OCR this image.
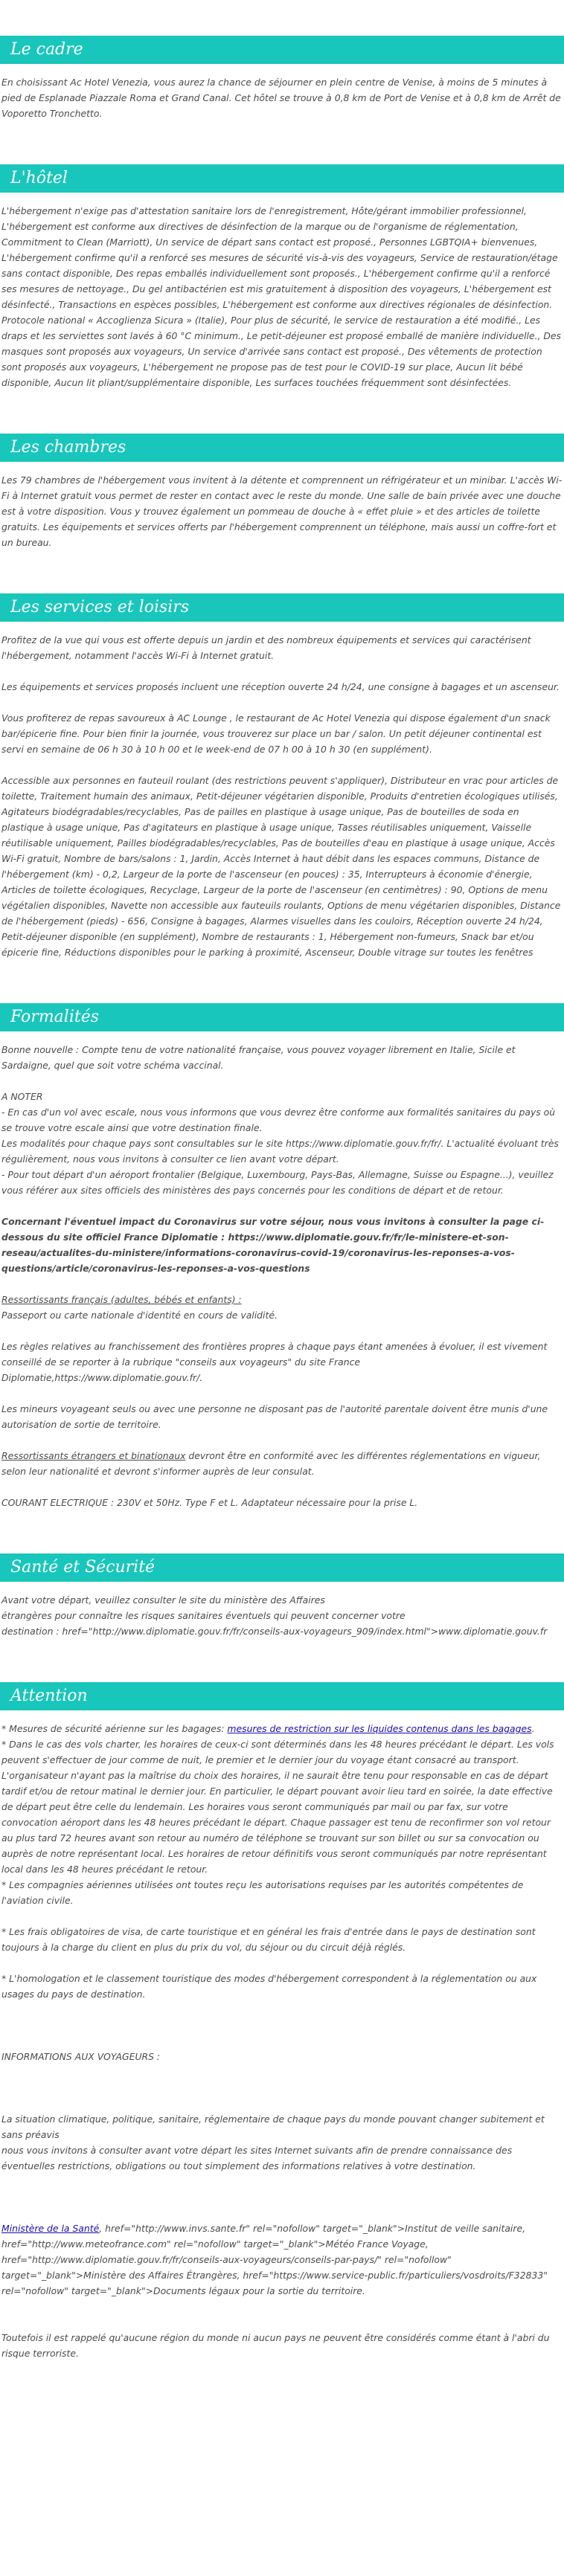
Le cadre

En choisissant Ac Hotel Venezia, vous aurez la chance de séjourner en plein centre de Venise, à moins de 5 minutes à pied de Esplanade Piazzale Roma et Grand Canal. Cet hôtel se trouve à 0,8 km de Port de Venise et à 0,8 km de Arrêt de Voporetto Tronchetto.

L'hôtel

L'hébergement n'exige pas d'attestation sanitaire lors de l'enregistrement, Hôte/gérant immobilier professionnel, L'hébergement est conforme aux directives de désinfection de la marque ou de l'organisme de réglementation, Commitment to Clean (Marriott), Un service de départ sans contact est proposé., Personnes LGBTQIA+ bienvenues, L'hébergement confirme qu'il a renforcé ses mesures de sécurité vis-à-vis des voyageurs, Service de restauration/étage sans contact disponible, Des repas emballés individuellement sont proposés., L'hébergement confirme qu'il a renforcé ses mesures de nettoyage., Du gel antibactérien est mis gratuitement à disposition des voyageurs, L'hébergement est désinfecté., Transactions en espèces possibles, L'hébergement est conforme aux directives régionales de désinfection. Protocole national « Accoglienza Sicura » (Italie), Pour plus de sécurité, le service de restauration a été modifié., Les draps et les serviettes sont lavés à 60 °C minimum., Le petit-déjeuner est proposé emballé de manière individuelle., Des masques sont proposés aux voyageurs, Un service d'arrivée sans contact est proposé., Des vêtements de protection sont proposés aux voyageurs, L'hébergement ne propose pas de test pour le COVID-19 sur place, Aucun lit bébé disponible, Aucun lit pliant/supplémentaire disponible, Les surfaces touchées fréquemment sont désinfectées.

Les chambres

Les 79 chambres de l'hébergement vous invitent à la détente et comprennent un réfrigérateur et un minibar. L'accès Wi-Fi à Internet gratuit vous permet de rester en contact avec le reste du monde. Une salle de bain privée avec une douche est à votre disposition. Vous y trouvez également un pommeau de douche à « effet pluie » et des articles de toilette gratuits. Les équipements et services offerts par l'hébergement comprennent un téléphone, mais aussi un coffre-fort et un bureau.

Les services et loisirs

Profitez de la vue qui vous est offerte depuis un jardin et des nombreux équipements et services qui caractérisent l'hébergement, notamment l'accès Wi-Fi à Internet gratuit.

Les équipements et services proposés incluent une réception ouverte 24 h/24, une consigne à bagages et un ascenseur.

Vous profiterez de repas savoureux à AC Lounge , le restaurant de Ac Hotel Venezia qui dispose également d'un snack bar/épicerie fine. Pour bien finir la journée, vous trouverez sur place un bar / salon. Un petit déjeuner continental est servi en semaine de 06 h 30 à 10 h 00 et le week-end de 07 h 00 à 10 h 30 (en supplément).

Accessible aux personnes en fauteuil roulant (des restrictions peuvent s'appliquer), Distributeur en vrac pour articles de toilette, Traitement humain des animaux, Petit-déjeuner végétarien disponible, Produits d'entretien écologiques utilisés, Agitateurs biodégradables/recyclables, Pas de pailles en plastique à usage unique, Pas de bouteilles de soda en plastique à usage unique, Pas d'agitateurs en plastique à usage unique, Tasses réutilisables uniquement, Vaisselle réutilisable uniquement, Pailles biodégradables/recyclables, Pas de bouteilles d'eau en plastique à usage unique, Accès Wi-Fi gratuit, Nombre de bars/salons : 1, Jardin, Accès Internet à haut débit dans les espaces communs, Distance de l'hébergement (km) - 0,2, Largeur de la porte de l'ascenseur (en pouces) : 35, Interrupteurs à économie d'énergie, Articles de toilette écologiques, Recyclage, Largeur de la porte de l'ascenseur (en centimètres) : 90, Options de menu végétalien disponibles, Navette non accessible aux fauteuils roulants, Options de menu végétarien disponibles, Distance de l'hébergement (pieds) - 656, Consigne à bagages, Alarmes visuelles dans les couloirs, Réception ouverte 24 h/24, Petit-déjeuner disponible (en supplément), Nombre de restaurants : 1, Hébergement non-fumeurs, Snack bar et/ou épicerie fine, Réductions disponibles pour le parking à proximité, Ascenseur, Double vitrage sur toutes les fenêtres

Formalités

Bonne nouvelle : Compte tenu de votre nationalité française, vous pouvez voyager librement en Italie, Sicile et Sardaigne, quel que soit votre schéma vaccinal.

A NOTER

- En cas d'un vol avec escale, nous vous informons que vous devrez être conforme aux formalités sanitaires du pays où se trouve votre escale ainsi que votre destination finale.

Les modalités pour chaque pays sont consultables sur le site https://www.diplomatie.gouv.fr/fr/. L'actualité évoluant très régulièrement, nous vous invitons à consulter ce lien avant votre départ.

- Pour tout départ d'un aéroport frontalier (Belgique, Luxembourg, Pays-Bas, Allemagne, Suisse ou Espagne...), veuillez vous référer aux sites officiels des ministères des pays concernés pour les conditions de départ et de retour.

Concernant l'éventuel impact du Coronavirus sur votre séjour, nous vous invitons à consulter la page ci-dessous du site officiel France Diplomatie : https://www.diplomatie.gouv.fr/fr/le-ministere-et-son-reseau/actualites-du-ministere/informations-coronavirus-covid-19/coronavirus-les-reponses-a-vos-questions/article/coronavirus-les-reponses-a-vos-questions

Ressortissants français (adultes, bébés et enfants) :

Passeport ou carte nationale d'identité en cours de validité.

Les règles relatives au franchissement des frontières propres à chaque pays étant amenées à évoluer, il est vivement conseillé de se reporter à la rubrique "conseils aux voyageurs" du site France Diplomatie,https://www.diplomatie.gouv.fr/.

Les mineurs voyageant seuls ou avec une personne ne disposant pas de l'autorité parentale doivent être munis d'une autorisation de sortie de territoire.

Ressortissants étrangers et binationaux devront être en conformité avec les différentes réglementations en vigueur, selon leur nationalité et devront s'informer auprès de leur consulat.

COURANT ELECTRIQUE : 230V et 50Hz. Type F et L. Adaptateur nécessaire pour la prise L.

Santé et Sécurité

Avant votre départ, veuillez consulter le site du ministère des Affaires

étrangères pour connaître les risques sanitaires éventuels qui peuvent concerner votre

destination : href="http://www.diplomatie.gouv.fr/fr/conseils-aux-voyageurs_909/index.html">www.diplomatie.gouv.fr

Attention

* Mesures de sécurité aérienne sur les bagages: mesures de restriction sur les liquides contenus dans les bagages.

* Dans le cas des vols charter, les horaires de ceux-ci sont déterminés dans les 48 heures précédant le départ. Les vols peuvent s'effectuer de jour comme de nuit, le premier et le dernier jour du voyage étant consacré au transport. L'organisateur n'ayant pas la maîtrise du choix des horaires, il ne saurait être tenu pour responsable en cas de départ tardif et/ou de retour matinal le dernier jour. En particulier, le départ pouvant avoir lieu tard en soirée, la date effective de départ peut être celle du lendemain. Les horaires vous seront communiqués par mail ou par fax, sur votre convocation aéroport dans les 48 heures précédant le départ. Chaque passager est tenu de reconfirmer son vol retour au plus tard 72 heures avant son retour au numéro de téléphone se trouvant sur son billet ou sur sa convocation ou auprès de notre représentant local. Les horaires de retour définitifs vous seront communiqués par notre représentant local dans les 48 heures précédant le retour.

* Les compagnies aériennes utilisées ont toutes reçu les autorisations requises par les autorités compétentes de l'aviation civile.

* Les frais obligatoires de visa, de carte touristique et en général les frais d'entrée dans le pays de destination sont toujours à la charge du client en plus du prix du vol, du séjour ou du circuit déjà réglés.

* L'homologation et le classement touristique des modes d'hébergement correspondent à la réglementation ou aux usages du pays de destination.

INFORMATIONS AUX VOYAGEURS :

La situation climatique, politique, sanitaire, réglementaire de chaque pays du monde pouvant changer subitement et sans préavis

nous vous invitons à consulter avant votre départ les sites Internet suivants afin de prendre connaissance des éventuelles restrictions, obligations ou tout simplement des informations relatives à votre destination.

Ministère de la Santé, href="http://www.invs.sante.fr" rel="nofollow" target="_blank">Institut de veille sanitaire, href="http://www.meteofrance.com" rel="nofollow" target="_blank">Météo France Voyage, href="http://www.diplomatie.gouv.fr/fr/conseils-aux-voyageurs/conseils-par-pays/" rel="nofollow" target="_blank">Ministère des Affaires Étrangères, href="https://www.service-public.fr/particuliers/vosdroits/F32833" rel="nofollow" target="_blank">Documents légaux pour la sortie du territoire.

Toutefois il est rappelé qu'aucune région du monde ni aucun pays ne peuvent être considérés comme étant à l'abri du risque terroriste.
